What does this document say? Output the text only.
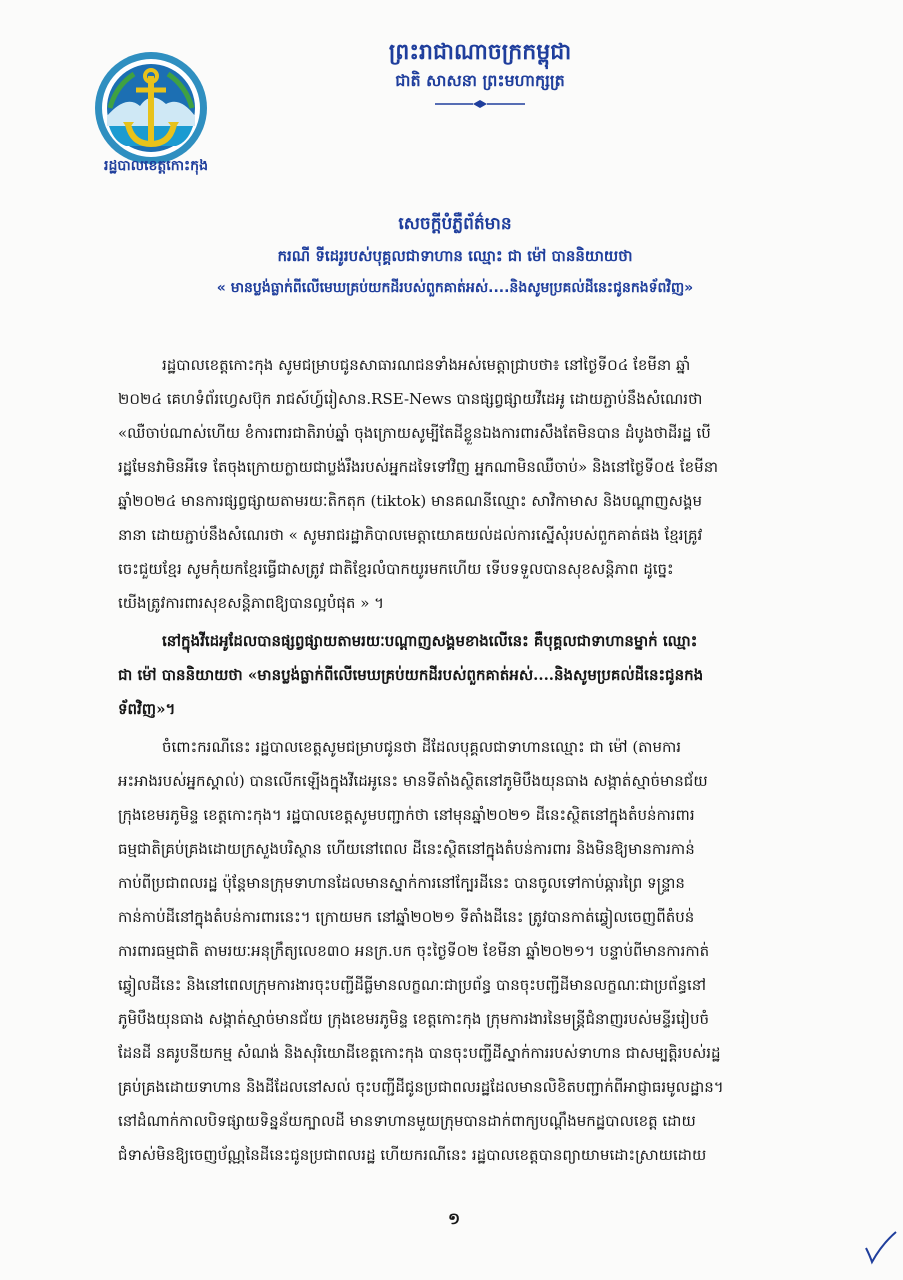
រដ្ឋបាលខេត្តកោះកុង
ព្រះរាជាណាចក្រកម្ពុជា
ជាតិ សាសនា ព្រះមហាក្សត្រ
សេចក្តីបំភ្លឺព័ត៌មាន
ករណី ទីដេរូរបស់បុគ្គលជាទាហាន ឈ្មោះ ជា ម៉ៅ បាននិយាយថា
« មានប្លង់ធ្លាក់ពីលើមេឃគ្រប់យកដីរបស់ពួកគាត់អស់....និងសូមប្រគល់ដីនេះជូនកងទ័ពវិញ»
រដ្ឋបាលខេត្តកោះកុង សូមជម្រាបជូនសាធារណជនទាំងអស់មេត្តាជ្រាបថា៖ នៅថ្ងៃទី០៤ ខែមីនា ឆ្នាំ
២០២៤ គេហទំព័រហ្វេសប៊ុក រាជស៍ហ្វ៍រៀសាន.RSE-News បានផ្សព្វផ្សាយវីដេអូ ដោយភ្ជាប់នឹងសំណេរថា
«ឈឺចាប់ណាស់ហើយ ខំការពារជាតិរាប់ឆ្នាំ ចុងក្រោយសូម្បីតែដីខ្លួនឯងការពារសឹងតែមិនបាន ដំបូងថាដីរដ្ឋ បើ
រដ្ឋមែនវាមិនអីទេ តែចុងក្រោយក្លាយជាប្លង់រឹងរបស់អ្នកដទៃទៅវិញ អ្នកណាមិនឈឺចាប់» និងនៅថ្ងៃទី០៥ ខែមីនា
ឆ្នាំ២០២៤ មានការផ្សព្វផ្សាយតាមរយៈតិកតុក (tiktok) មានគណនីឈ្មោះ សាវិកាមាស និងបណ្តាញសង្គម
នានា ដោយភ្ជាប់នឹងសំណេរថា « សូមរាជរដ្ឋាភិបាលមេត្តាយោគយល់ដល់ការស្នើសុំរបស់ពួកគាត់ផង ខ្មែរគ្រូវ
ចេះជួយខ្មែរ សូមកុំយកខ្មែរធ្វើជាសត្រូវ ជាតិខ្មែរលំបាកយូរមកហើយ ទើបទទួលបានសុខសន្តិភាព ដូច្នេះ
យើងត្រូវការពារសុខសន្តិភាពឱ្យបានល្អបំផុត » ។
នៅក្នុងវីដេអូដែលបានផ្សព្វផ្សាយតាមរយៈបណ្តាញសង្គមខាងលើនេះ គឺបុគ្គលជាទាហានម្នាក់ ឈ្មោះ
ជា ម៉ៅ បាននិយាយថា «មានប្លង់ធ្លាក់ពីលើមេឃគ្រប់យកដីរបស់ពួកគាត់អស់....និងសូមប្រគល់ដីនេះជូនកង
ទ័ពវិញ»។
ចំពោះករណីនេះ រដ្ឋបាលខេត្តសូមជម្រាបជូនថា ដីដែលបុគ្គលជាទាហានឈ្មោះ ជា ម៉ៅ (តាមការ
អះអាងរបស់អ្នកស្គាល់) បានលើកឡើងក្នុងវីដេអូនេះ មានទីតាំងស្ថិតនៅភូមិបឹងយុនធាង សង្កាត់ស្មាច់មានជ័យ
ក្រុងខេមរភូមិន្ទ ខេត្តកោះកុង។ រដ្ឋបាលខេត្តសូមបញ្ជាក់ថា នៅមុនឆ្នាំ២០២១ ដីនេះស្ថិតនៅក្នុងតំបន់ការពារ
ធម្មជាតិគ្រប់គ្រងដោយក្រសួងបរិស្ថាន ហើយនៅពេល ដីនេះស្ថិតនៅក្នុងតំបន់ការពារ និងមិនឱ្យមានការកាន់
កាប់ពីប្រជាពលរដ្ឋ ប៉ុន្តែមានក្រុមទាហានដែលមានស្នាក់ការនៅក្បែរដីនេះ បានចូលទៅកាប់ឆ្ការព្រៃ ទន្ទ្រាន
កាន់កាប់ដីនៅក្នុងតំបន់ការពារនេះ។ ក្រោយមក នៅឆ្នាំ២០២១ ទីតាំងដីនេះ ត្រូវបានកាត់ឆ្វៀលចេញពីតំបន់
ការពារធម្មជាតិ តាមរយៈអនុក្រឹត្យលេខ៣០ អនក្រ.បក ចុះថ្ងៃទី០២ ខែមីនា ឆ្នាំ២០២១។ បន្ទាប់ពីមានការកាត់
ឆ្វៀលដីនេះ និងនៅពេលក្រុមការងារចុះបញ្ជីដីធ្លីមានលក្ខណៈជាប្រព័ន្ធ បានចុះបញ្ជីដីមានលក្ខណៈជាប្រព័ន្ធនៅ
ភូមិបឹងយុនធាង សង្កាត់ស្មាច់មានជ័យ ក្រុងខេមរភូមិន្ទ ខេត្តកោះកុង ក្រុមការងារនៃមន្ត្រីជំនាញរបស់មន្ទីររៀបចំ
ដែនដី នគរូបនីយកម្ម សំណង់ និងសុរិយោដីខេត្តកោះកុង បានចុះបញ្ជីដីស្នាក់ការរបស់ទាហាន ជាសម្បត្តិរបស់រដ្ឋ
គ្រប់គ្រងដោយទាហាន និងដីដែលនៅសល់ ចុះបញ្ជីដីជូនប្រជាពលរដ្ឋដែលមានលិខិតបញ្ជាក់ពីអាជ្ញាធរមូលដ្ឋាន។
នៅដំណាក់កាលបិទផ្សាយទិន្នន័យក្បាលដី មានទាហានមួយក្រុមបានដាក់ពាក្យបណ្តឹងមកដ្ឋបាលខេត្ត ដោយ
ជំទាស់មិនឱ្យចេញប័ណ្ណនៃដីនេះជូនប្រជាពលរដ្ឋ ហើយករណីនេះ រដ្ឋបាលខេត្តបានព្យាយាមដោះស្រាយដោយ
១
